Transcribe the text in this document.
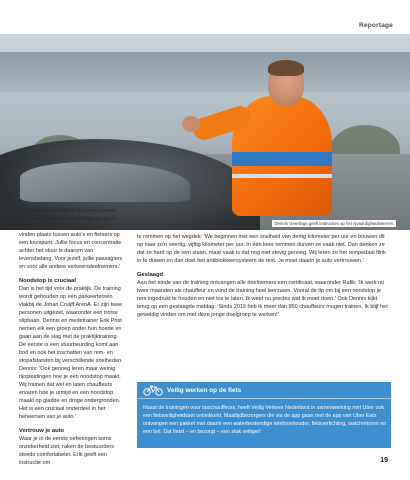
Reportage
Dennis Geerlings geeft instructies op het rijvaardigheidsterrein

'Het is goed dat jullie je daarvan bewust zijn, want het is een kwetsbare groep in het verkeer. De meeste ongelukken vinden plaats tussen auto's en fietsers op een kruispunt. Jullie focus en concentratie achter het stuur is daarom van levensbelang. Voor jezelf, jullie passagiers en voor alle andere verkeersdeelnemers.'

Noodstop is cruciaal

Dan is het tijd voor de praktijk. De training wordt gehouden op een parkeerterrein vlakbij de Johan Cruijff ArenA. Er zijn twee personen uitgezet, waaronder een trotse slipbaan. Dennis en medetrainer Erik Post nemen elk een groep onder hun hoede en gaan aan de slag met de praktijktraining. De eerste is een stuurbeurding komt aan bod en ook het inschatten van rem- en stopafstanden bij verschillende snelheden. Dennis: 'Ook genoeg leren maar weinig rijopleidingen hoe je een noodstop maakt. Wij trainen dat wel en laten chauffeurs ervaren hoe je urmijd en een noodstop maakt op gladde en droge ondergronden. Het is een cruciaal onderdeel in het beheersen van je auto.'

Vertrouw je auto

Waar je in de eerste oefeningen soms onzekerheid ziet, raken de bestuurders steeds comfortabeler. Erik geeft een instructie om

te remmen op het wegdek: 'We beginnen met een snelheid van dertig kilometer per uur en bouwen dit op naar zo'n veertig, vijftig kilometer per uur. In één keer remmen durven ze vaak niet. Dan denken ze dat ze hard op de rem staan, maar vaak is dat nog niet stevig genoeg. Wij leren ze het rempedaal flink in te duwen en dan doet het antiblokkeersysteem de rest. Je moet daarin je auto vertrouwen.'

Geslaagd

Aan het einde van de training ontvangen alle deelnemers een certificaat, waaronder Rafik: 'Ik werk nu twee maanden als chauffeur en vond de training heel leerzaam. Vooral de tip om bij een noodstop je rem ingedrukt te houden en niet los te laten. Ik weet nu precies wat ik moet doen.' Ook Dennis kijkt terug op een geslaagde middag: 'Sinds 2019 heb ik meer dan 950 chauffeurs mogen trainen. Ik blijf het geweldig vinden om met deze jonge doelgroep te werken!'

Veilig werken op de fiets

Naast de trainingen voor taxichauffeurs, heeft Veilig Verkeer Nederland in samenwerking met Uber ook een fietsveiligheidsset ontwikkeld. Maaltijdbezorgers die via de app gaan met de app van Uber Eats ontvangen een pakket met daarin een waterbestendige telefoonhouder, fietsverlichting, watchretoren en een bel. Dat fietst – en bezorgt – een stuk veiliger!

19
